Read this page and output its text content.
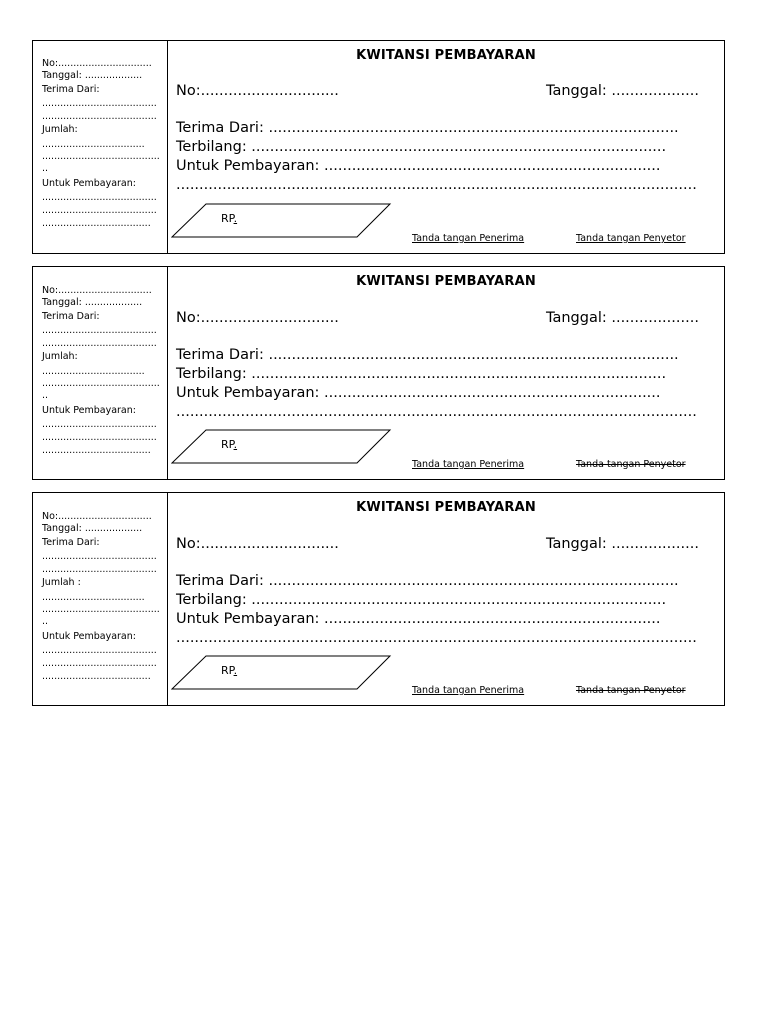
No:...............................
Tanggal: ...................
Terima Dari:
......................................
......................................
Jumlah:
..................................
.......................................
..
Untuk Pembayaran:
......................................
......................................
....................................
KWITANSI PEMBAYARAN
No:..............................	Tanggal: ...................
Terima Dari: .........................................................................................
Terbilang: ..........................................................................................
Untuk Pembayaran: .........................................................................
.................................................................................................................
RP.
Tanda tangan Penerima	Tanda tangan Penyetor
No:...............................
Tanggal: ...................
Terima Dari:
......................................
......................................
Jumlah:
..................................
.......................................
..
Untuk Pembayaran:
......................................
......................................
....................................
KWITANSI PEMBAYARAN
No:..............................	Tanggal: ...................
Terima Dari: .........................................................................................
Terbilang: ..........................................................................................
Untuk Pembayaran: .........................................................................
.................................................................................................................
RP.
Tanda tangan Penerima	Tanda tangan Penyetor
No:...............................
Tanggal: ...................
Terima Dari:
......................................
......................................
Jumlah :
..................................
.......................................
..
Untuk Pembayaran:
......................................
......................................
....................................
KWITANSI PEMBAYARAN
No:..............................	Tanggal: ...................
Terima Dari: .........................................................................................
Terbilang: ..........................................................................................
Untuk Pembayaran: .........................................................................
.................................................................................................................
RP.
Tanda tangan Penerima	Tanda tangan Penyetor
